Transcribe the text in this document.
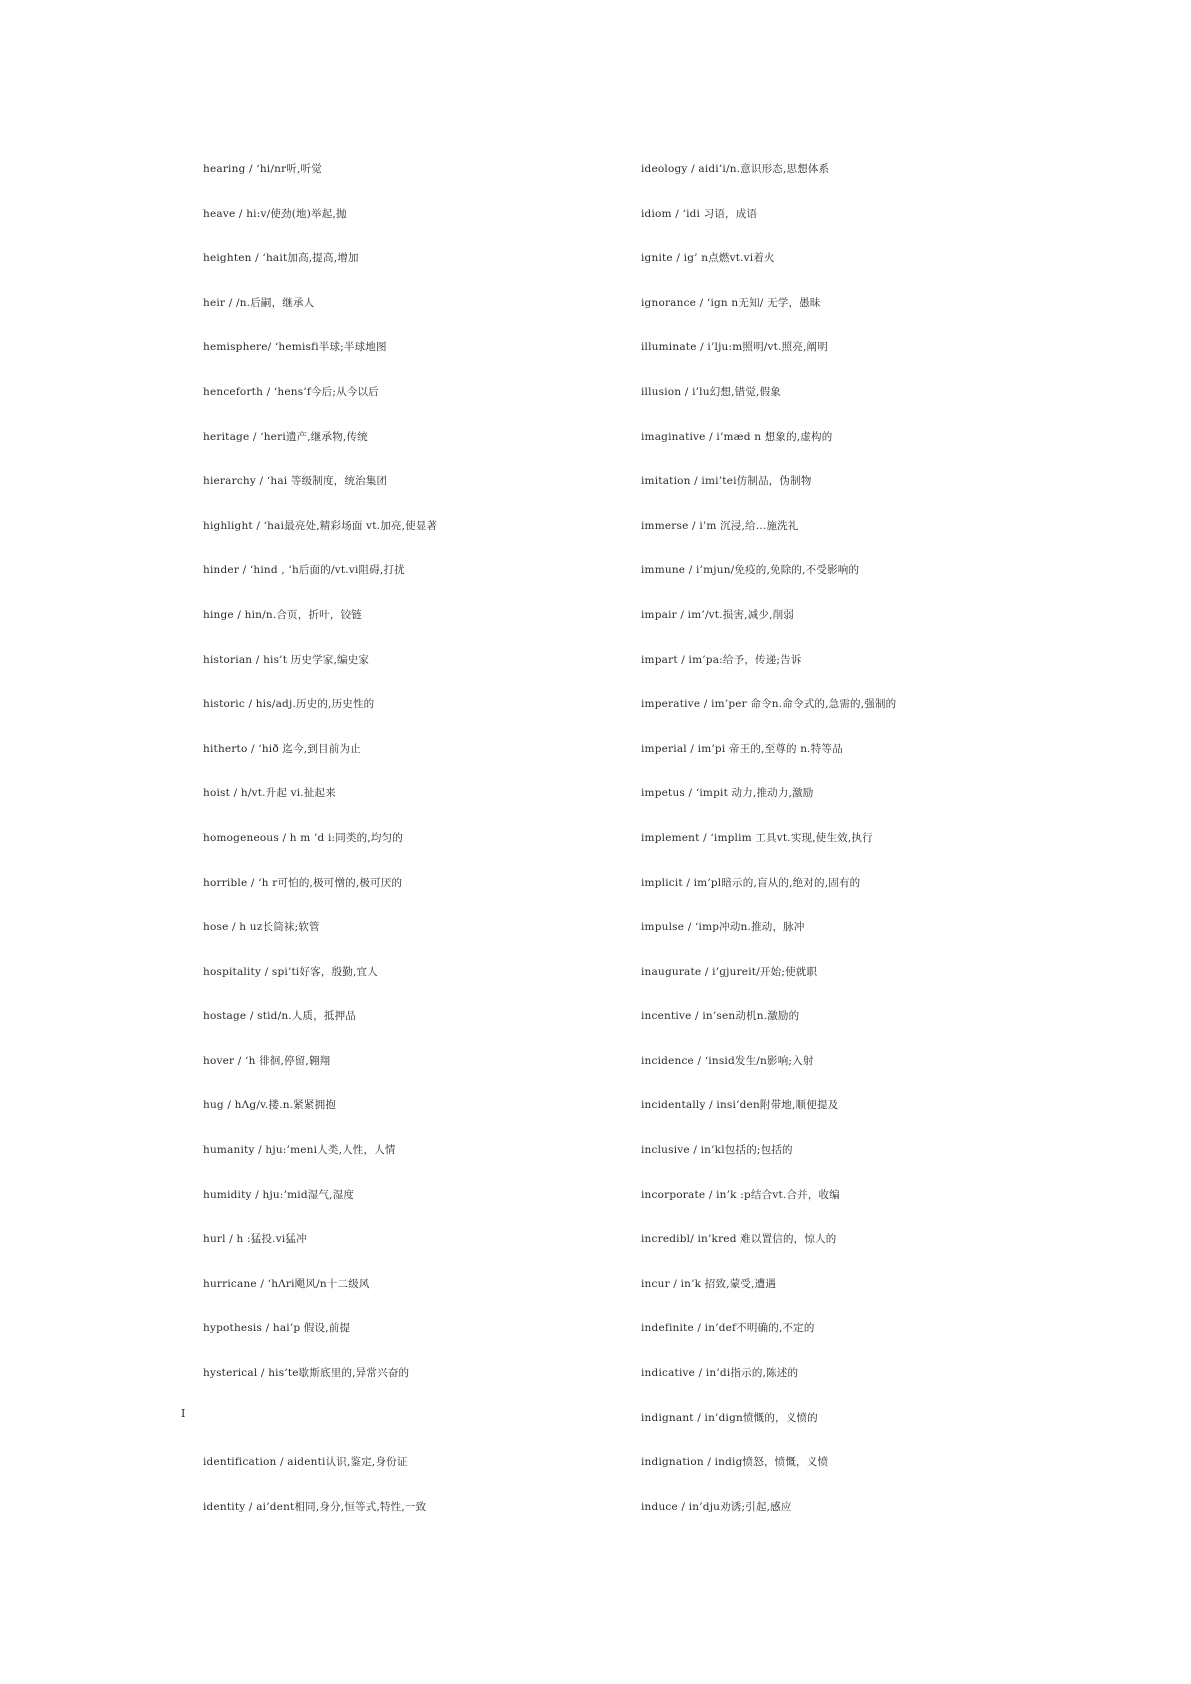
hearing / ‘hi/nr听,听觉
heave / hi:v/使劲(地)举起,抛
heighten / ‘hait加高,提高,增加
heir / /n.后嗣，继承人
hemisphere/ ‘hemisfi半球;半球地图
henceforth / ‘hens’f今后;从今以后
heritage / ‘heri遗产,继承物,传统
hierarchy / ‘hai 等级制度，统治集团
highlight / ‘hai最亮处,精彩场面 vt.加亮,使显著
hinder / ‘hind , ‘h后面的/vt.vi阻碍,打扰
hinge / hin/n.合页，折叶，铰链
historian / his’t 历史学家,编史家
historic / his/adj.历史的,历史性的
hitherto / ‘hið 迄今,到目前为止
hoist / h/vt.升起 vi.扯起来
homogeneous / h m ’d i:同类的,均匀的
horrible / ‘h r可怕的,极可憎的,极可厌的
hose / h uz长筒袜;软管
hospitality / spi’ti好客，殷勤,宜人
hostage / stid/n.人质，抵押品
hover / ‘h 徘徊,停留,翱翔
hug / hΛg/v.搂.n.紧紧拥抱
humanity / hju:’meni人类,人性，人情
humidity / hju:’mid湿气,湿度
hurl / h :猛投.vi猛冲
hurricane / ‘hΛri飓风/n十二级风
hypothesis / hai’p 假设,前提
hysterical / his’te歇斯底里的,异常兴奋的
identification / aidenti认识,鉴定,身份证
identity / ai’dent相同,身分,恒等式,特性,一致
I
ideology / aidi’i/n.意识形态,思想体系
idiom / ‘idi 习语，成语
ignite / ig’ n点燃vt.vi着火
ignorance / ‘ign n无知/ 无学，愚昧
illuminate / i’lju:m照明/vt.照亮,阐明
illusion / i’lu幻想,错觉,假象
imaginative / i’mæd n 想象的,虚构的
imitation / imi’tei仿制品，伪制物
immerse / i’m 沉浸,给…施洗礼
immune / i’mjun/免疫的,免除的,不受影响的
impair / im’/vt.损害,减少,削弱
impart / im’pa:给予，传递;告诉
imperative / im’per 命令n.命令式的,急需的,强制的
imperial / im’pi 帝王的,至尊的 n.特等品
impetus / ‘impit 动力,推动力,激励
implement / ‘implim 工具vt.实现,使生效,执行
implicit / im’pl暗示的,盲从的,绝对的,固有的
impulse / ‘imp冲动n.推动，脉冲
inaugurate / i’ɡjureit/开始;使就职
incentive / in’sen动机n.激励的
incidence / ‘insid发生/n影响;入射
incidentally / insi’den附带地,顺便提及
inclusive / in’kl包括的;包括的
incorporate / in’k :p结合vt.合并，收编
incredibl/ in’kred 难以置信的，惊人的
incur / in’k 招致,蒙受,遭遇
indefinite / in’def不明确的,不定的
indicative / in’di指示的,陈述的
indignant / in’dign愤慨的，义愤的
indignation / indig愤怒，愤慨，义愤
induce / in’dju劝诱;引起,感应
